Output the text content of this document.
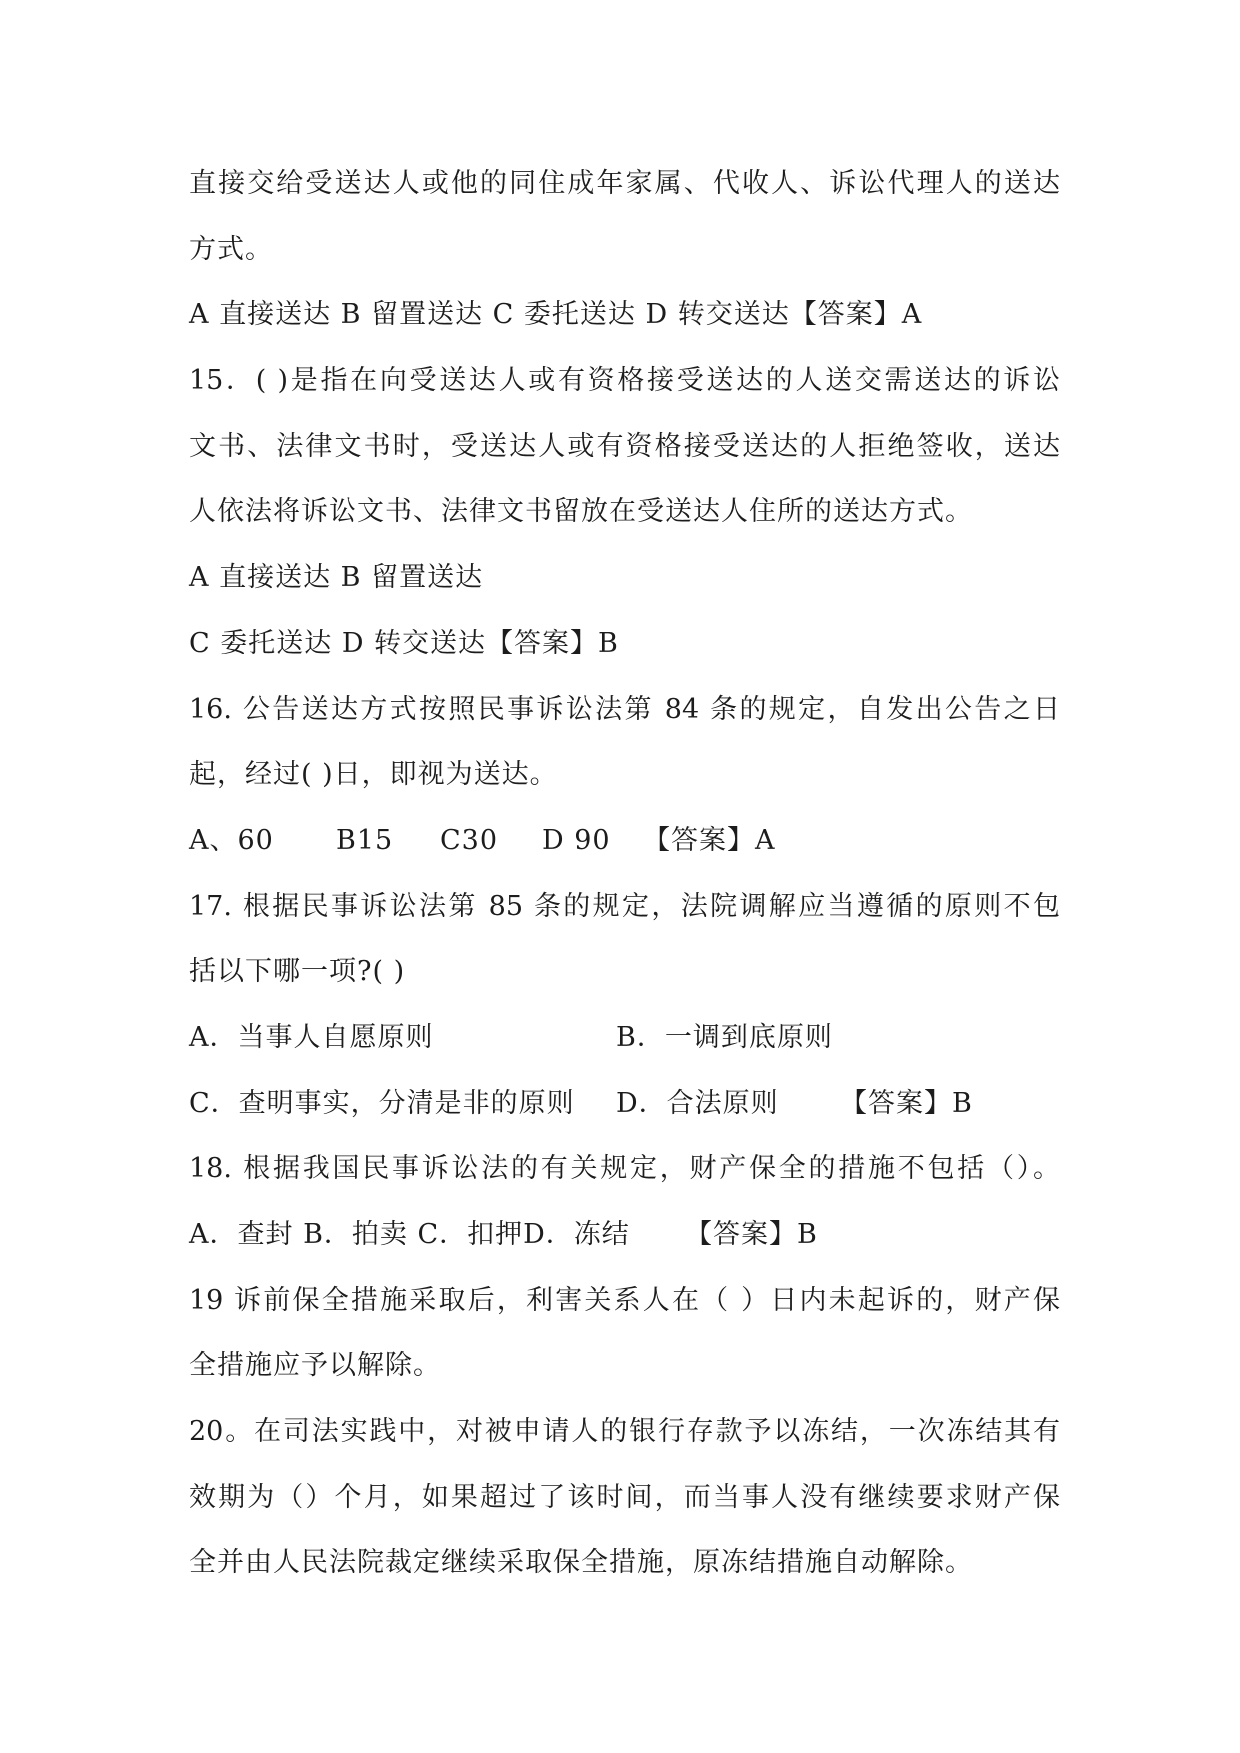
直接交给受送达人或他的同住成年家属、代收人、诉讼代理人的送达
方式。
A 直接送达 B 留置送达 C 委托送达 D 转交送达【答案】A
15．( )是指在向受送达人或有资格接受送达的人送交需送达的诉讼
文书、法律文书时，受送达人或有资格接受送达的人拒绝签收，送达
人依法将诉讼文书、法律文书留放在受送达人住所的送达方式。
A 直接送达 B 留置送达
C 委托送达 D 转交送达【答案】B
16. 公告送达方式按照民事诉讼法第 84 条的规定，自发出公告之日
起，经过( )日，即视为送达。
A、60 B15 C30 D 90 【答案】A
17. 根据民事诉讼法第 85 条的规定，法院调解应当遵循的原则不包
括以下哪一项?( )
A．当事人自愿原则	B．一调到底原则
C．查明事实，分清是非的原则 D．合法原则 【答案】B
18. 根据我国民事诉讼法的有关规定，财产保全的措施不包括（）。
A．查封 B．拍卖 C．扣押D．冻结 【答案】B
19 诉前保全措施采取后，利害关系人在（ ）日内未起诉的，财产保
全措施应予以解除。
20。在司法实践中，对被申请人的银行存款予以冻结，一次冻结其有
效期为（）个月，如果超过了该时间，而当事人没有继续要求财产保
全并由人民法院裁定继续采取保全措施，原冻结措施自动解除。
